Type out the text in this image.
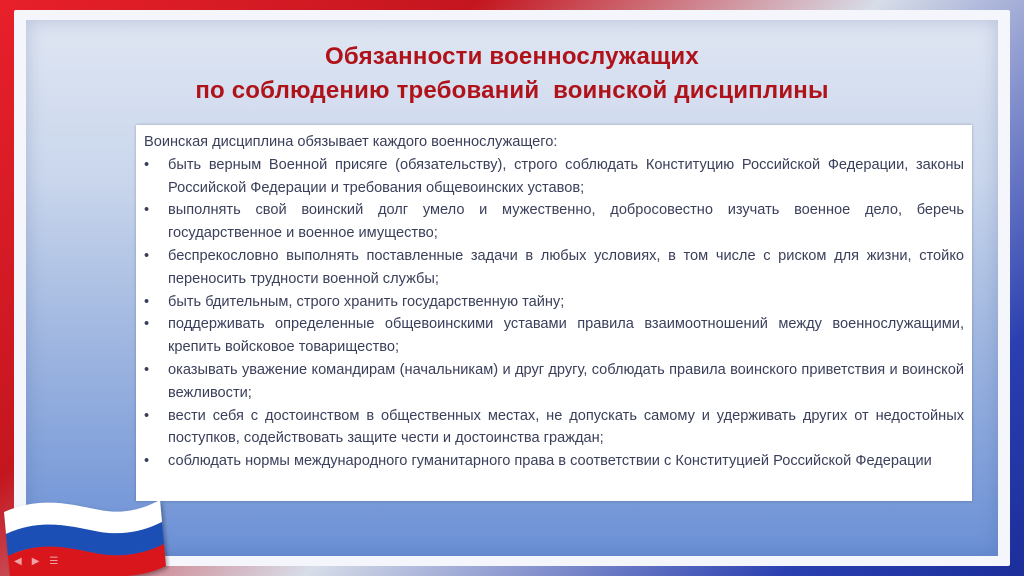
Обязанности военнослужащих
по соблюдению требований  воинской дисциплины
Воинская дисциплина обязывает каждого военнослужащего:
•	быть верным Военной присяге (обязательству), строго соблюдать Конституцию Российской Федерации, законы Российской Федерации и требования общевоинских уставов;
•	выполнять свой воинский долг умело и мужественно, добросовестно изучать военное дело, беречь государственное и военное имущество;
•	беспрекословно выполнять поставленные задачи в любых условиях, в том числе с риском для жизни, стойко переносить трудности военной службы;
•	быть бдительным, строго хранить государственную тайну;
•	поддерживать определенные общевоинскими уставами правила взаимоотношений между военнослужащими, крепить войсковое товарищество;
•	оказывать уважение командирам (начальникам) и друг другу, соблюдать правила воинского приветствия и воинской вежливости;
•	вести себя с достоинством в общественных местах, не допускать самому и удерживать других от недостойных поступков, содействовать защите чести и достоинства граждан;
•	соблюдать нормы международного гуманитарного права в соответствии с Конституцией Российской Федерации
◀ ▶ ☰
